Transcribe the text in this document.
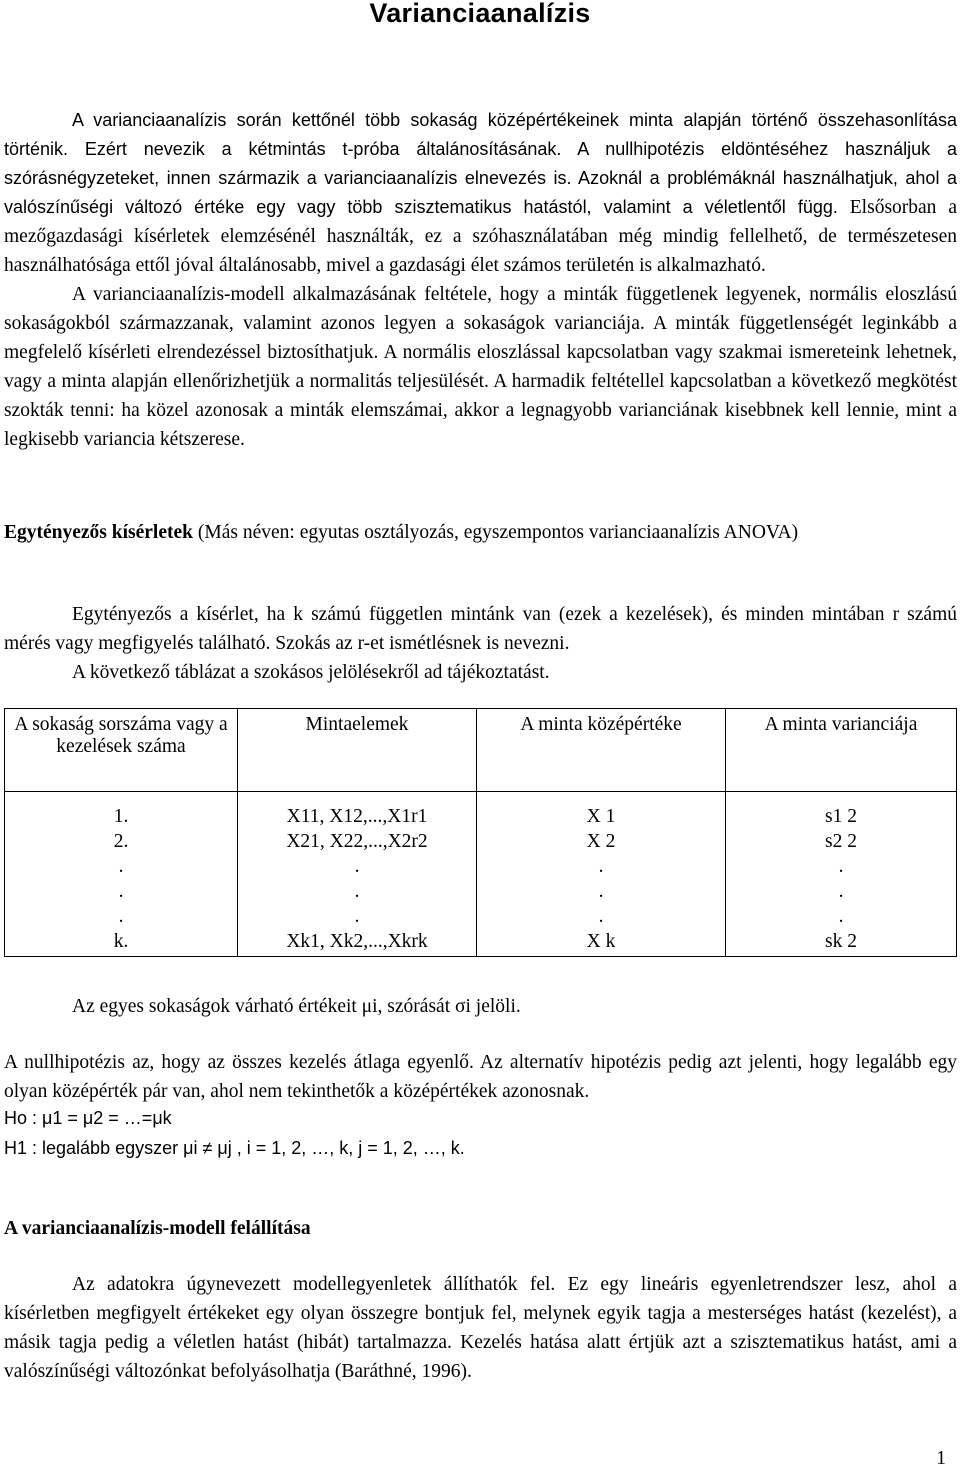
Varianciaanalízis
A varianciaanalízis során kettőnél több sokaság középértékeinek minta alapján történő összehasonlítása történik. Ezért nevezik a kétmintás t-próba általánosításának. A nullhipotézis eldöntéséhez használjuk a szórásnégyzeteket, innen származik a varianciaanalízis elnevezés is. Azoknál a problémáknál használhatjuk, ahol a valószínűségi változó értéke egy vagy több szisztematikus hatástól, valamint a véletlentől függ. Elsősorban a mezőgazdasági kísérletek elemzésénél használták, ez a szóhasználatában még mindig fellelhető, de természetesen használhatósága ettől jóval általánosabb, mivel a gazdasági élet számos területén is alkalmazható.
A varianciaanalízis-modell alkalmazásának feltétele, hogy a minták függetlenek legyenek, normális eloszlású sokaságokból származzanak, valamint azonos legyen a sokaságok varianciája. A minták függetlenségét leginkább a megfelelő kísérleti elrendezéssel biztosíthatjuk. A normális eloszlással kapcsolatban vagy szakmai ismereteink lehetnek, vagy a minta alapján ellenőrizhetjük a normalitás teljesülését. A harmadik feltétellel kapcsolatban a következő megkötést szokták tenni: ha közel azonosak a minták elemszámai, akkor a legnagyobb varianciának kisebbnek kell lennie, mint a legkisebb variancia kétszerese.
Egytényezős kísérletek (Más néven: egyutas osztályozás, egyszempontos varianciaanalízis ANOVA)
Egytényezős a kísérlet, ha k számú független mintánk van (ezek a kezelések), és minden mintában r számú mérés vagy megfigyelés található. Szokás az r-et ismétlésnek is nevezni.
A következő táblázat a szokásos jelölésekről ad tájékoztatást.
A sokaság sorszáma vagy a kezelések száma	Mintaelemek	A minta középértéke	A minta varianciája
1.	X11, X12,...,X1r1	X 1	s1 2
2.	X21, X22,...,X2r2	X 2	s2 2
.	.	.	.
.	.	.	.
.	.	.	.
k.	Xk1, Xk2,...,Xkrk	X k	sk 2
Az egyes sokaságok várható értékeit μi, szórását σi jelöli.
A nullhipotézis az, hogy az összes kezelés átlaga egyenlő. Az alternatív hipotézis pedig azt jelenti, hogy legalább egy olyan középérték pár van, ahol nem tekinthetők a középértékek azonosnak.
Ho : μ1 = μ2 = …=μk
H1 : legalább egyszer μi ≠ μj , i = 1, 2, …, k, j = 1, 2, …, k.
A varianciaanalízis-modell felállítása
Az adatokra úgynevezett modellegyenletek állíthatók fel. Ez egy lineáris egyenletrendszer lesz, ahol a kísérletben megfigyelt értékeket egy olyan összegre bontjuk fel, melynek egyik tagja a mesterséges hatást (kezelést), a másik tagja pedig a véletlen hatást (hibát) tartalmazza. Kezelés hatása alatt értjük azt a szisztematikus hatást, ami a valószínűségi változónkat befolyásolhatja (Baráthné, 1996).
1
